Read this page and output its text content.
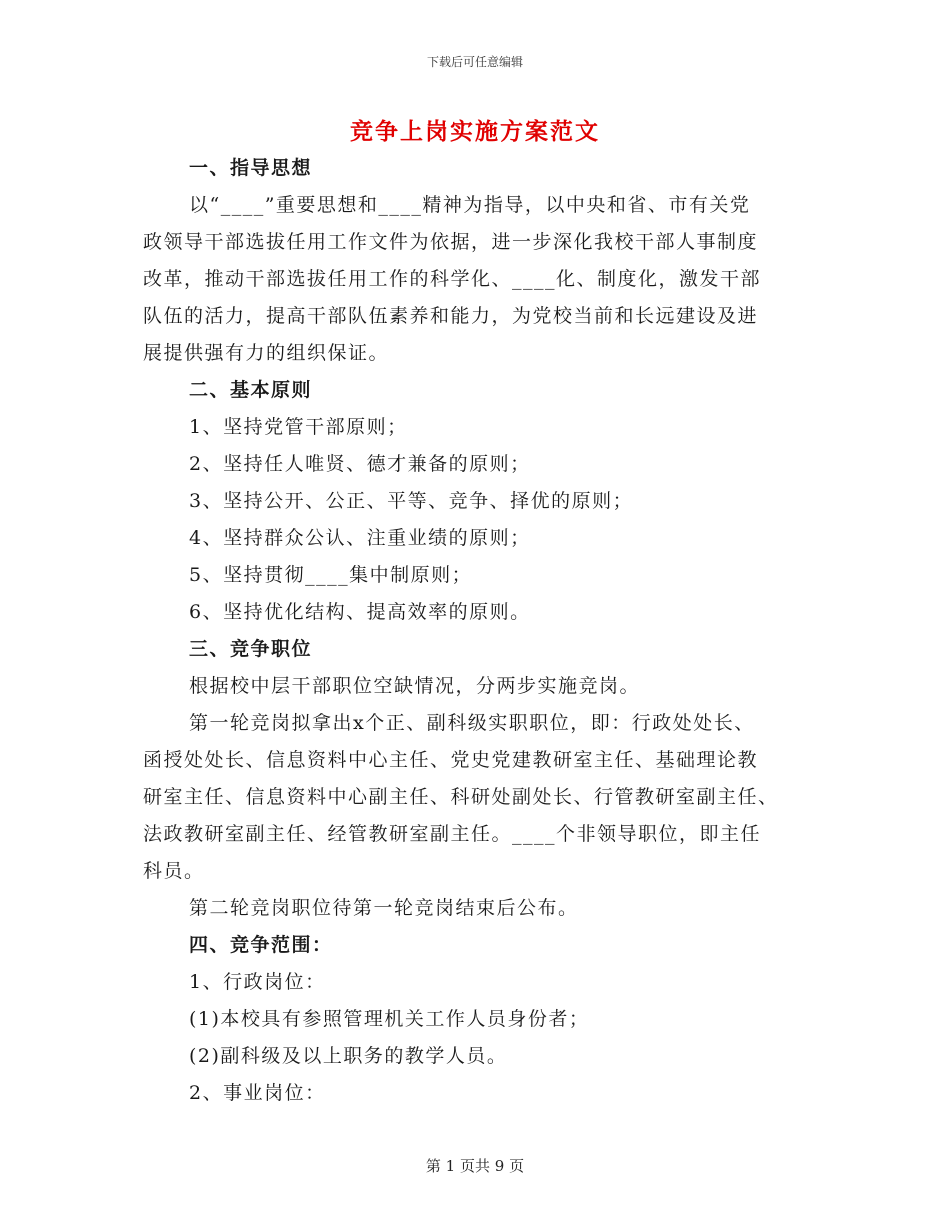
下载后可任意编辑
竞争上岗实施方案范文
一、指导思想
以“____”重要思想和____精神为指导，以中央和省、市有关党
政领导干部选拔任用工作文件为依据，进一步深化我校干部人事制度
改革，推动干部选拔任用工作的科学化、____化、制度化，激发干部
队伍的活力，提高干部队伍素养和能力，为党校当前和长远建设及进
展提供强有力的组织保证。
二、基本原则
1、坚持党管干部原则；
2、坚持任人唯贤、德才兼备的原则；
3、坚持公开、公正、平等、竞争、择优的原则；
4、坚持群众公认、注重业绩的原则；
5、坚持贯彻____集中制原则；
6、坚持优化结构、提高效率的原则。
三、竞争职位
根据校中层干部职位空缺情况，分两步实施竞岗。
第一轮竞岗拟拿出x个正、副科级实职职位，即：行政处处长、
函授处处长、信息资料中心主任、党史党建教研室主任、基础理论教
研室主任、信息资料中心副主任、科研处副处长、行管教研室副主任、
法政教研室副主任、经管教研室副主任。____个非领导职位，即主任
科员。
第二轮竞岗职位待第一轮竞岗结束后公布。
四、竞争范围：
1、行政岗位：
(1)本校具有参照管理机关工作人员身份者；
(2)副科级及以上职务的教学人员。
2、事业岗位：
第 1 页共 9 页
